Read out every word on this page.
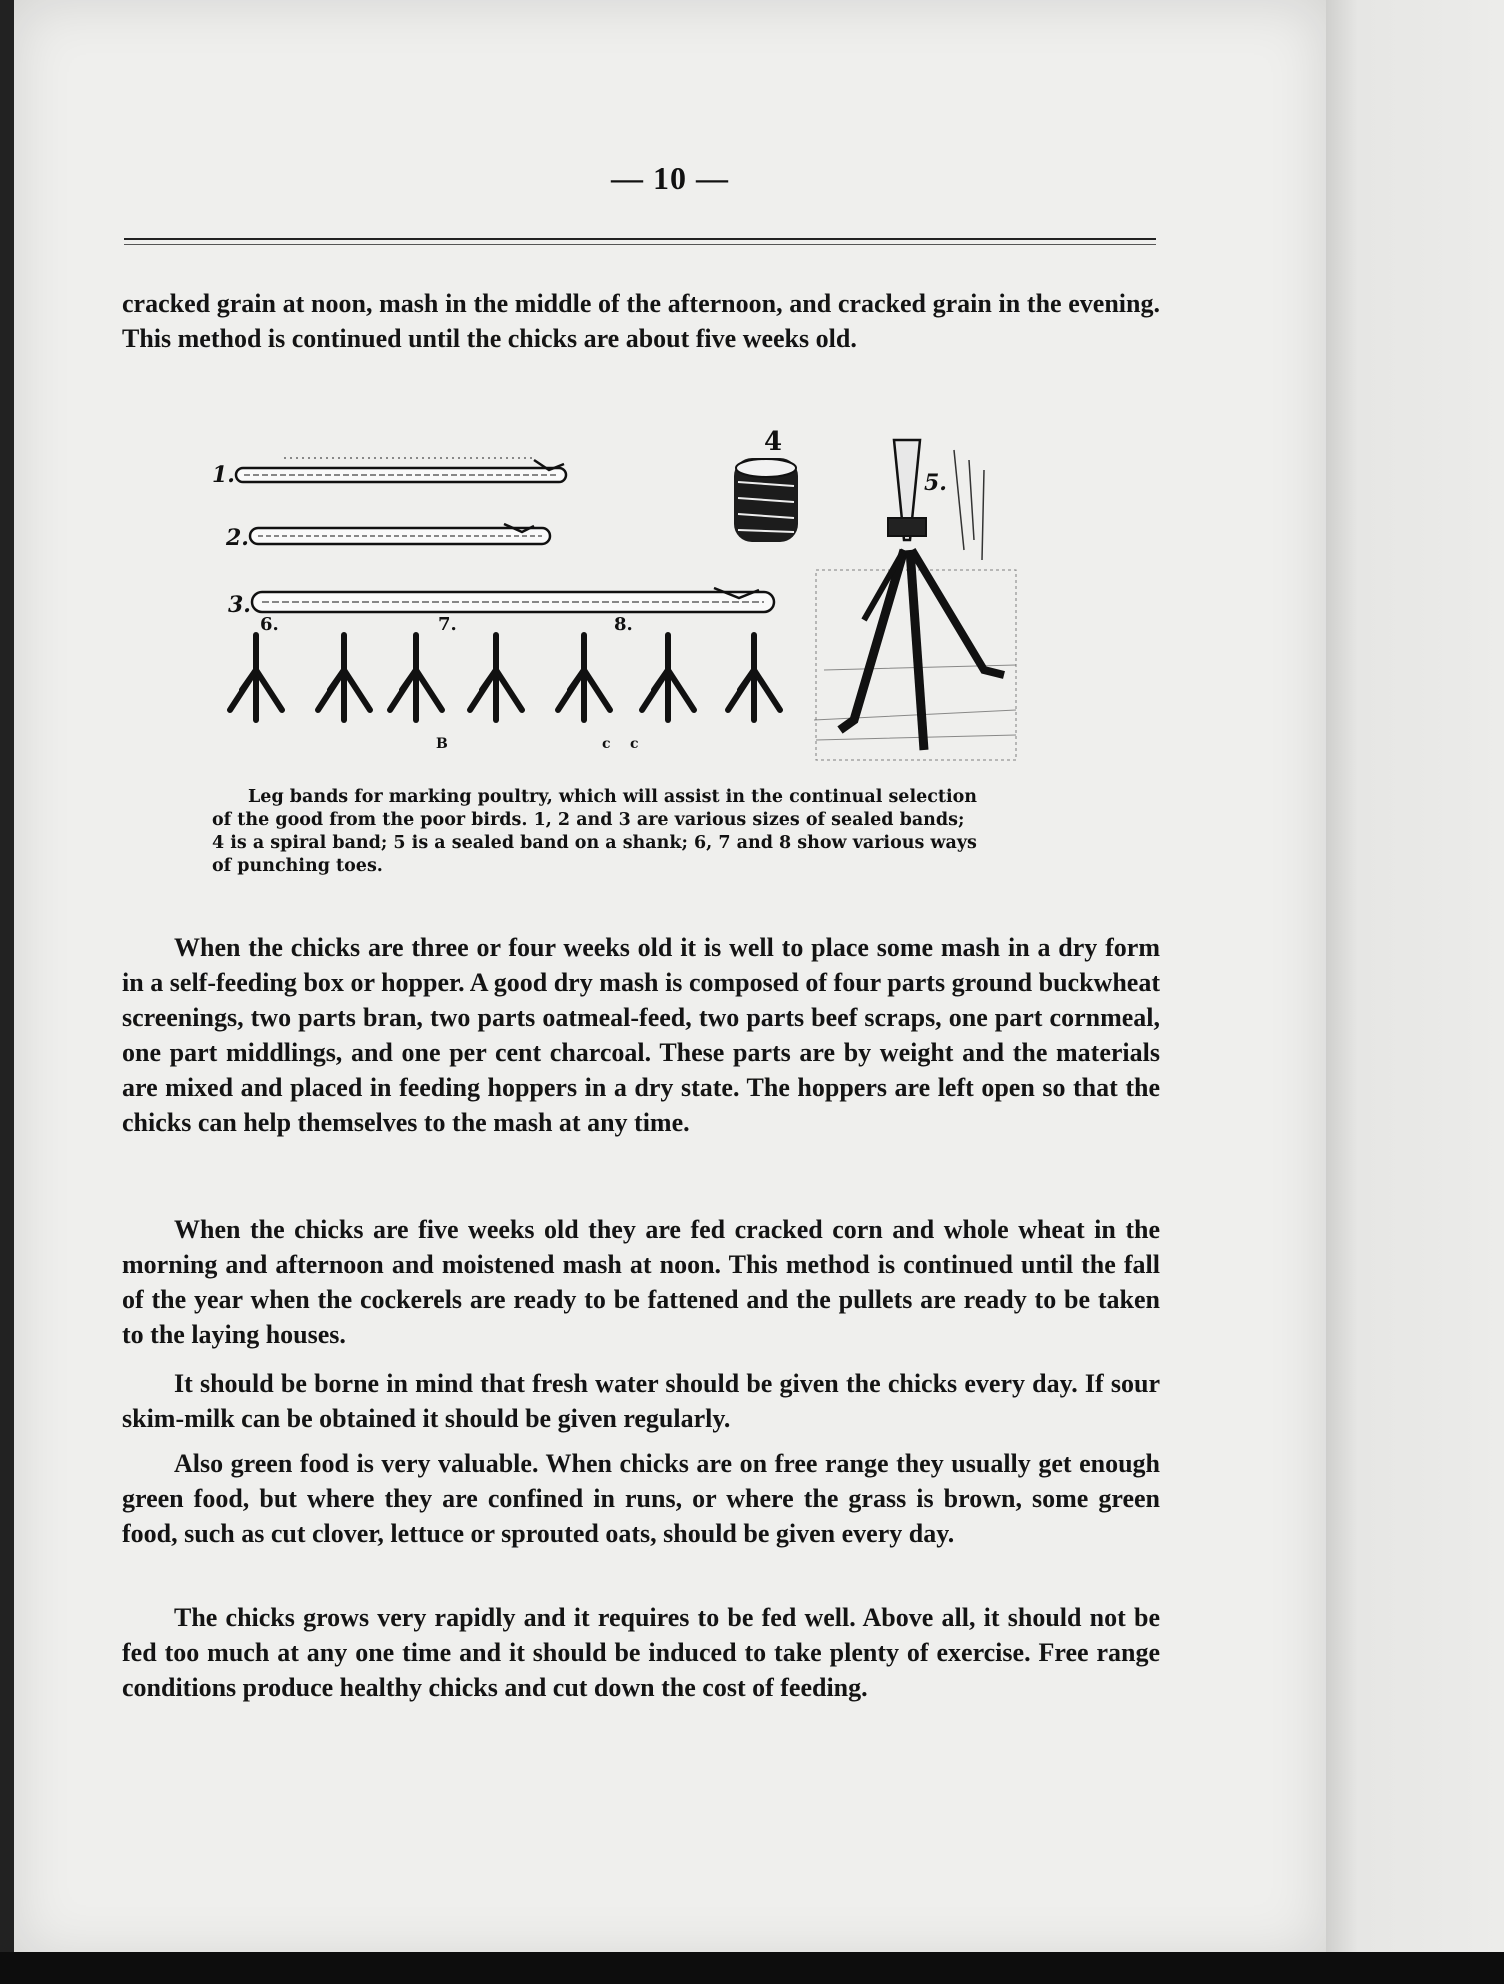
— 10 —

cracked grain at noon, mash in the middle of the afternoon, and cracked grain in the evening. This method is continued until the chicks are about five weeks old.

1.
2.
3.
4
5.
6.	7.	8.
B	c c

Leg bands for marking poultry, which will assist in the continual selection
of the good from the poor birds. 1, 2 and 3 are various sizes of sealed bands;
4 is a spiral band; 5 is a sealed band on a shank; 6, 7 and 8 show various ways
of punching toes.

When the chicks are three or four weeks old it is well to place some mash in a dry form in a self-feeding box or hopper. A good dry mash is composed of four parts ground buckwheat screenings, two parts bran, two parts oatmeal-feed, two parts beef scraps, one part cornmeal, one part middlings, and one per cent charcoal. These parts are by weight and the materials are mixed and placed in feeding hoppers in a dry state. The hoppers are left open so that the chicks can help themselves to the mash at any time.

When the chicks are five weeks old they are fed cracked corn and whole wheat in the morning and afternoon and moistened mash at noon. This method is continued until the fall of the year when the cockerels are ready to be fattened and the pullets are ready to be taken to the laying houses.

It should be borne in mind that fresh water should be given the chicks every day. If sour skim-milk can be obtained it should be given regularly.

Also green food is very valuable. When chicks are on free range they usually get enough green food, but where they are confined in runs, or where the grass is brown, some green food, such as cut clover, lettuce or sprouted oats, should be given every day.

The chicks grows very rapidly and it requires to be fed well. Above all, it should not be fed too much at any one time and it should be induced to take plenty of exercise. Free range conditions produce healthy chicks and cut down the cost of feeding.
